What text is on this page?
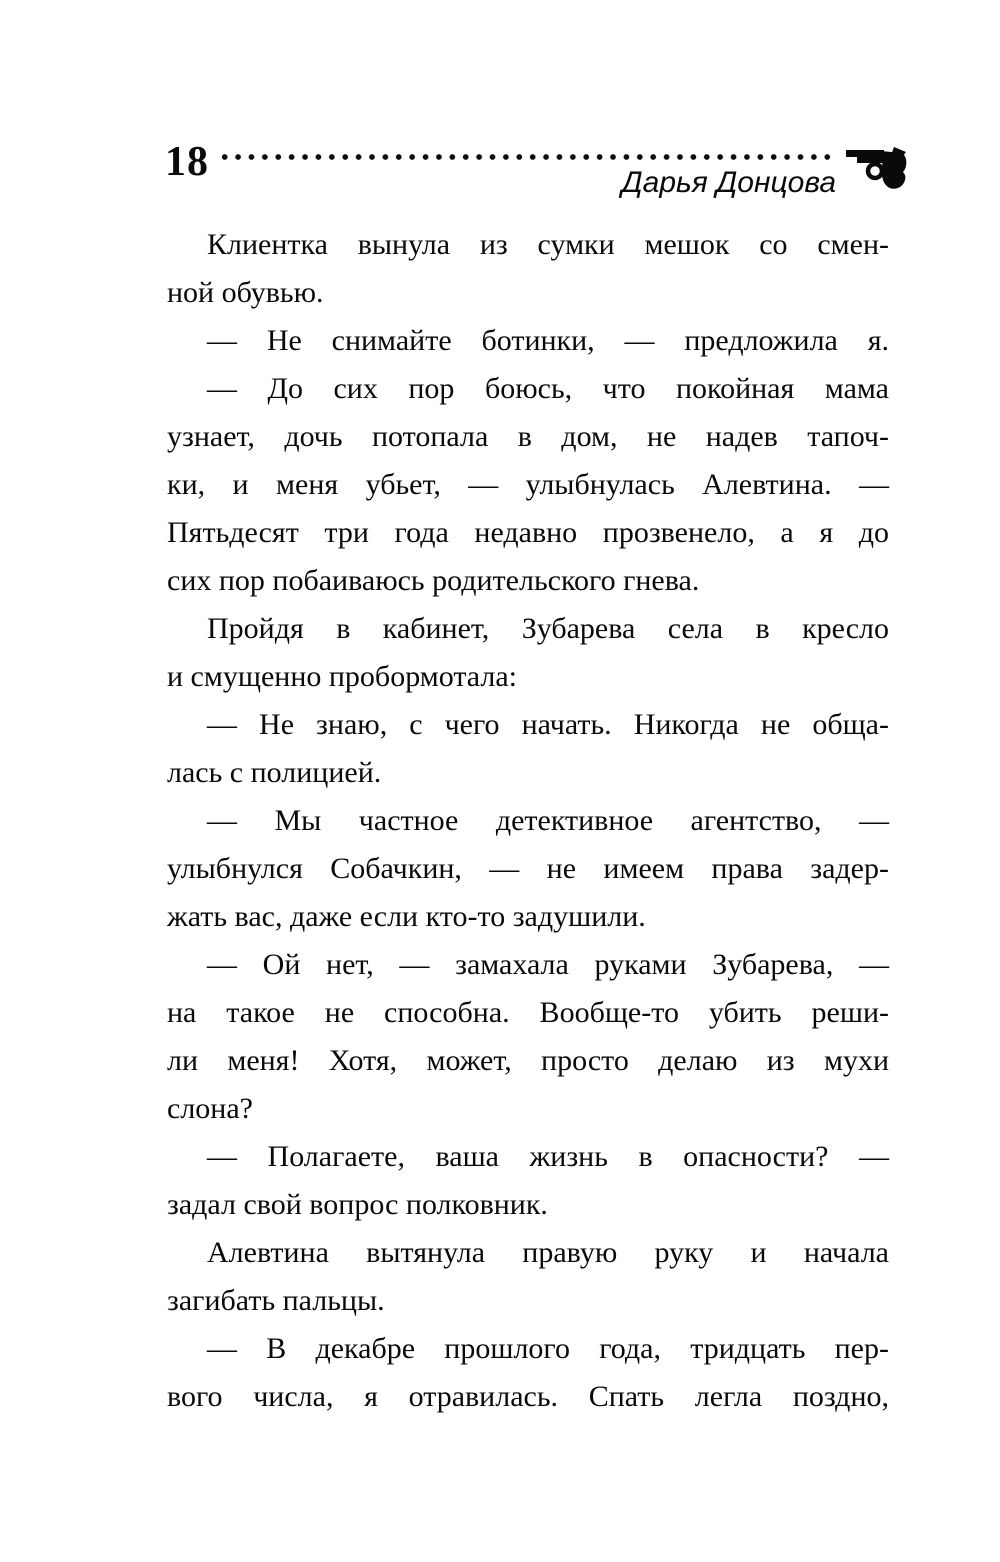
18	Дарья Донцова
Клиентка вынула из сумки мешок со смен-
ной обувью.
— Не снимайте ботинки, — предложила я.
— До сих пор боюсь, что покойная мама
узнает, дочь потопала в дом, не надев тапоч-
ки, и меня убьет, — улыбнулась Алевтина. —
Пятьдесят три года недавно прозвенело, а я до
сих пор побаиваюсь родительского гнева.
Пройдя в кабинет, Зубарева села в кресло
и смущенно пробормотала:
— Не знаю, с чего начать. Никогда не обща-
лась с полицией.
— Мы частное детективное агентство, —
улыбнулся Собачкин, — не имеем права задер-
жать вас, даже если кто-то задушили.
— Ой нет, — замахала руками Зубарева, —
на такое не способна. Вообще-то убить реши-
ли меня! Хотя, может, просто делаю из мухи
слона?
— Полагаете, ваша жизнь в опасности? —
задал свой вопрос полковник.
Алевтина вытянула правую руку и начала
загибать пальцы.
— В декабре прошлого года, тридцать пер-
вого числа, я отравилась. Спать легла поздно,
